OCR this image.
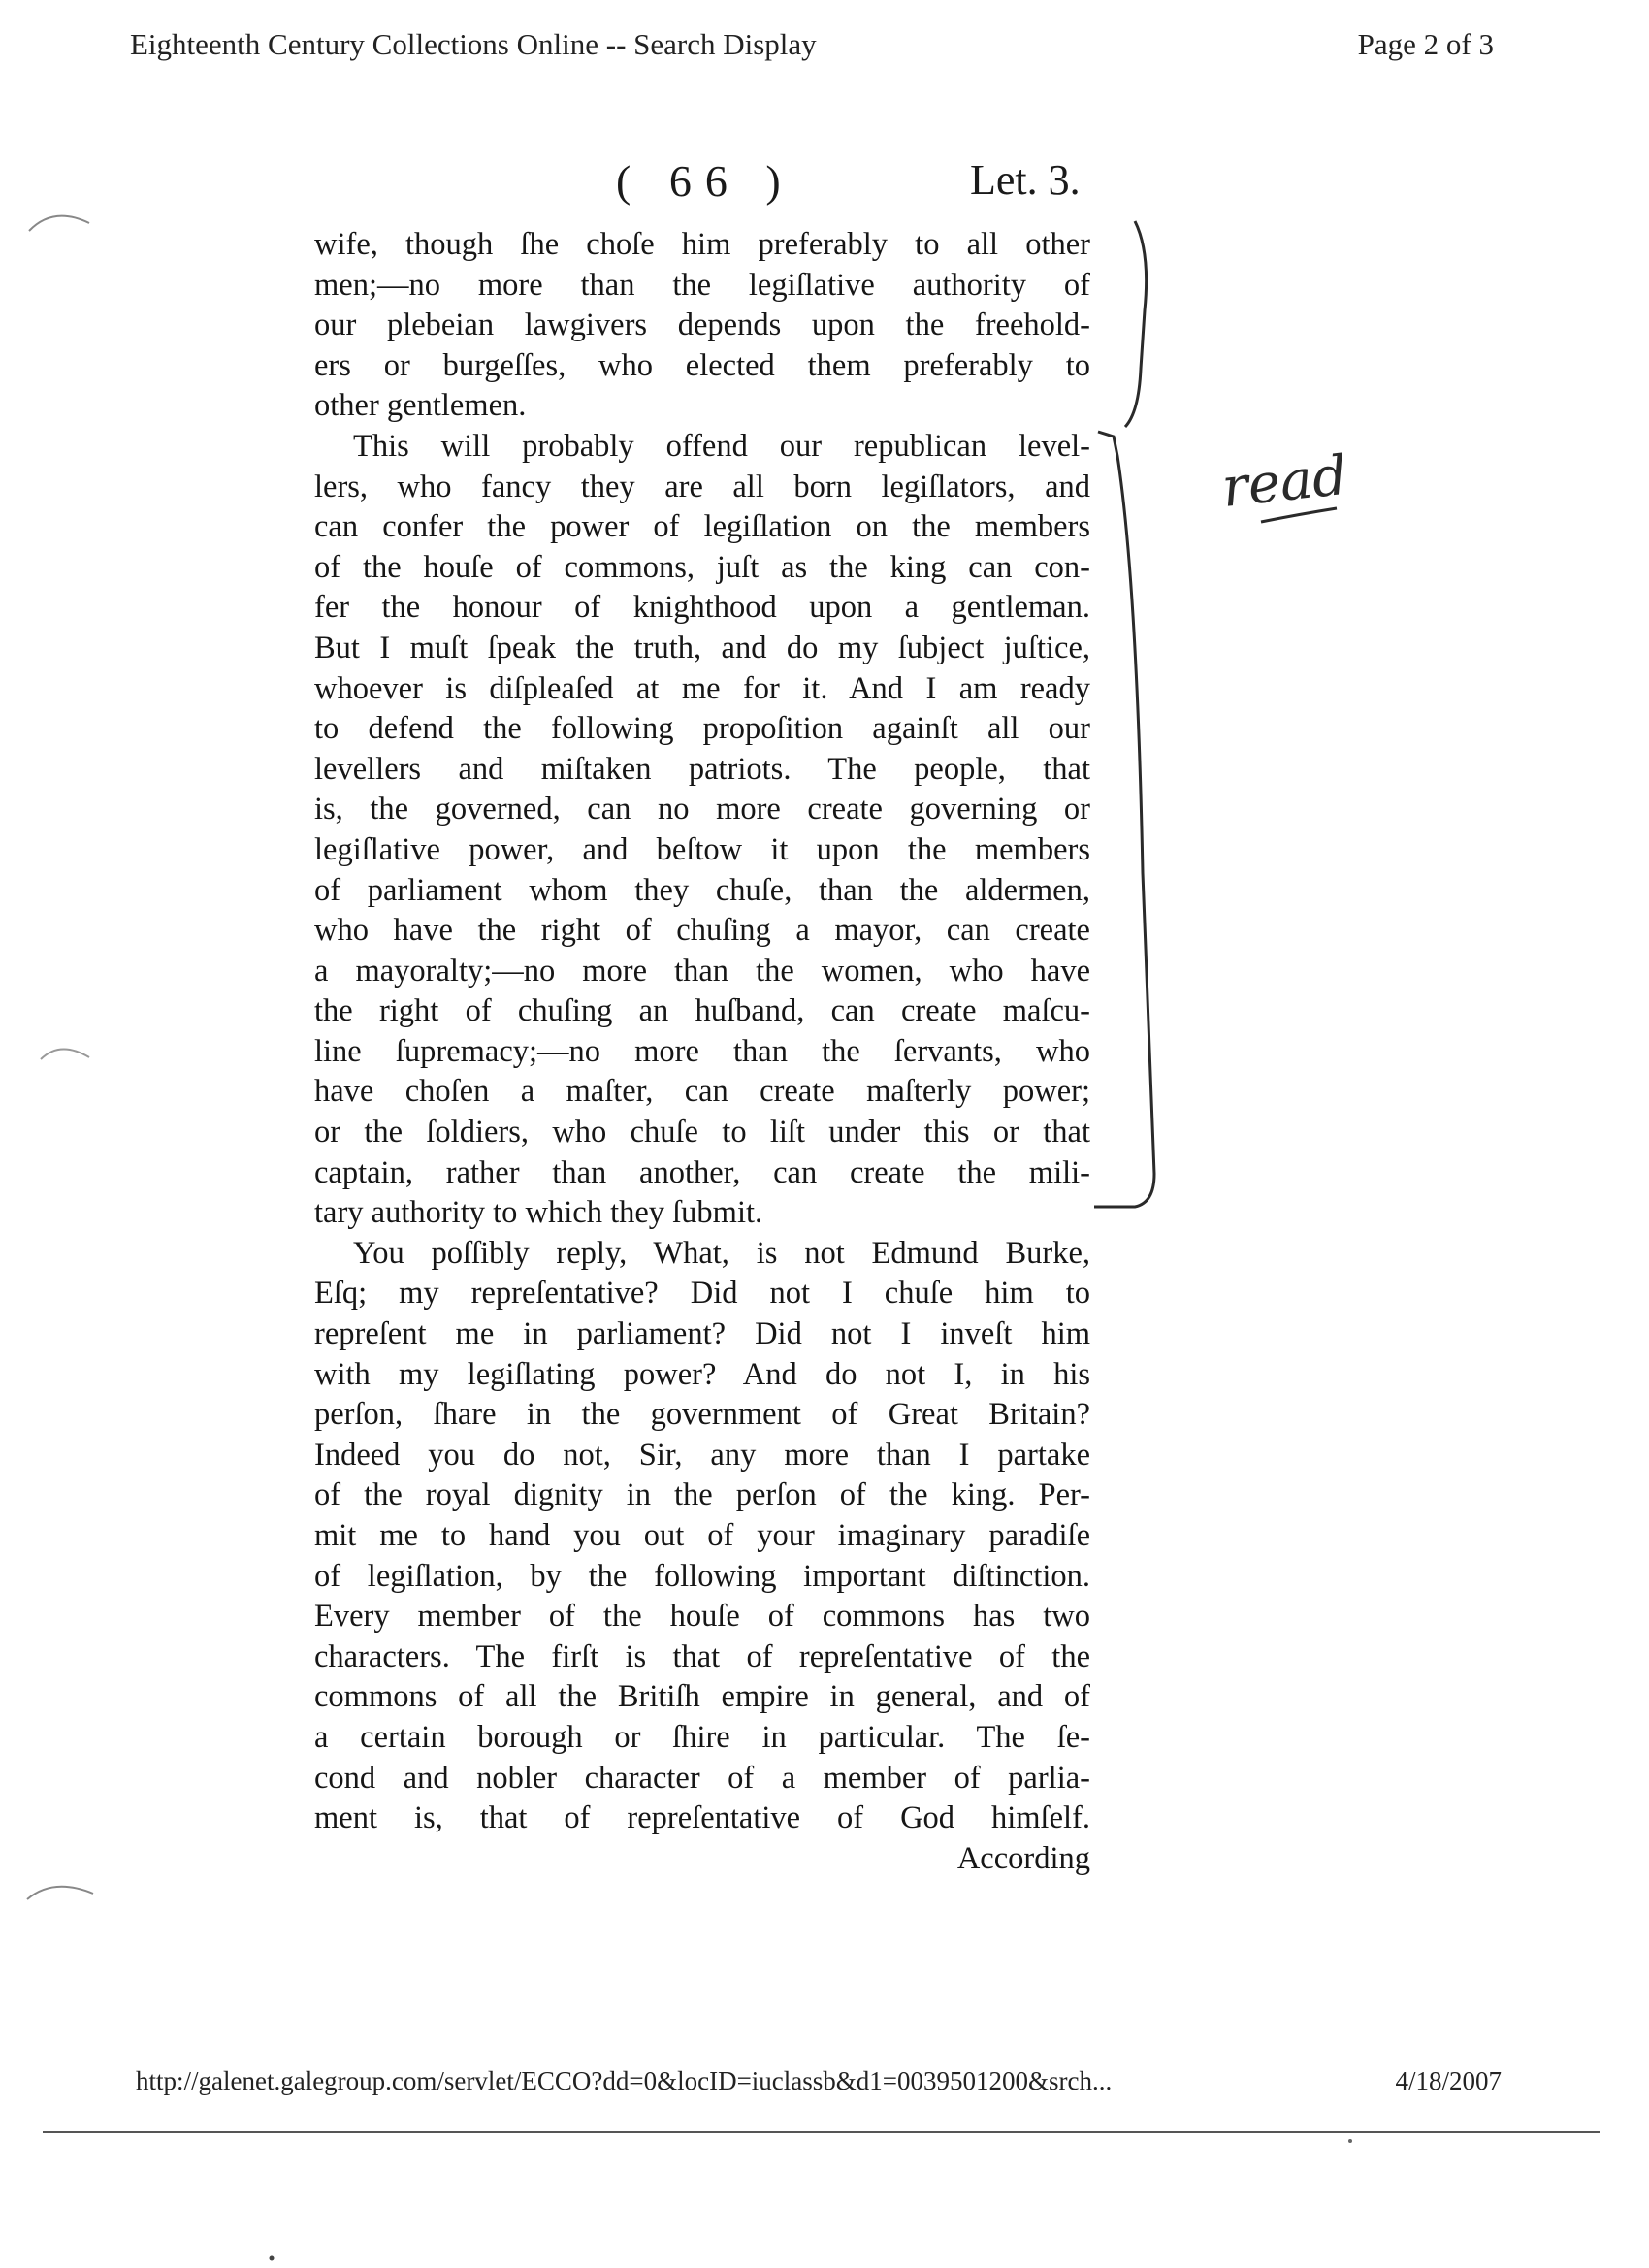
Eighteenth Century Collections Online -- Search Display	Page 2 of 3
( 66 )	Let. 3.
wife, though ſhe choſe him preferably to all other
men;—no more than the legiſlative authority of
our plebeian lawgivers depends upon the freehold-
ers or burgeſſes, who elected them preferably to
other gentlemen.
This will probably offend our republican level-
lers, who fancy they are all born legiſlators, and
can confer the power of legiſlation on the members
of the houſe of commons, juſt as the king can con-
fer the honour of knighthood upon a gentleman.
But I muſt ſpeak the truth, and do my ſubject juſtice,
whoever is diſpleaſed at me for it. And I am ready
to defend the following propoſition againſt all our
levellers and miſtaken patriots. The people, that
is, the governed, can no more create governing or
legiſlative power, and beſtow it upon the members
of parliament whom they chuſe, than the aldermen,
who have the right of chuſing a mayor, can create
a mayoralty;—no more than the women, who have
the right of chuſing an huſband, can create maſcu-
line ſupremacy;—no more than the ſervants, who
have choſen a maſter, can create maſterly power;
or the ſoldiers, who chuſe to liſt under this or that
captain, rather than another, can create the mili-
tary authority to which they ſubmit.
You poſſibly reply, What, is not Edmund Burke,
Eſq; my repreſentative? Did not I chuſe him to
repreſent me in parliament? Did not I inveſt him
with my legiſlating power? And do not I, in his
perſon, ſhare in the government of Great Britain?
Indeed you do not, Sir, any more than I partake
of the royal dignity in the perſon of the king. Per-
mit me to hand you out of your imaginary paradiſe
of legiſlation, by the following important diſtinction.
Every member of the houſe of commons has two
characters. The firſt is that of repreſentative of the
commons of all the Britiſh empire in general, and of
a certain borough or ſhire in particular. The ſe-
cond and nobler character of a member of parlia-
ment is, that of repreſentative of God himſelf.
According
read
http://galenet.galegroup.com/servlet/ECCO?dd=0&locID=iuclassb&d1=0039501200&srch...	4/18/2007
